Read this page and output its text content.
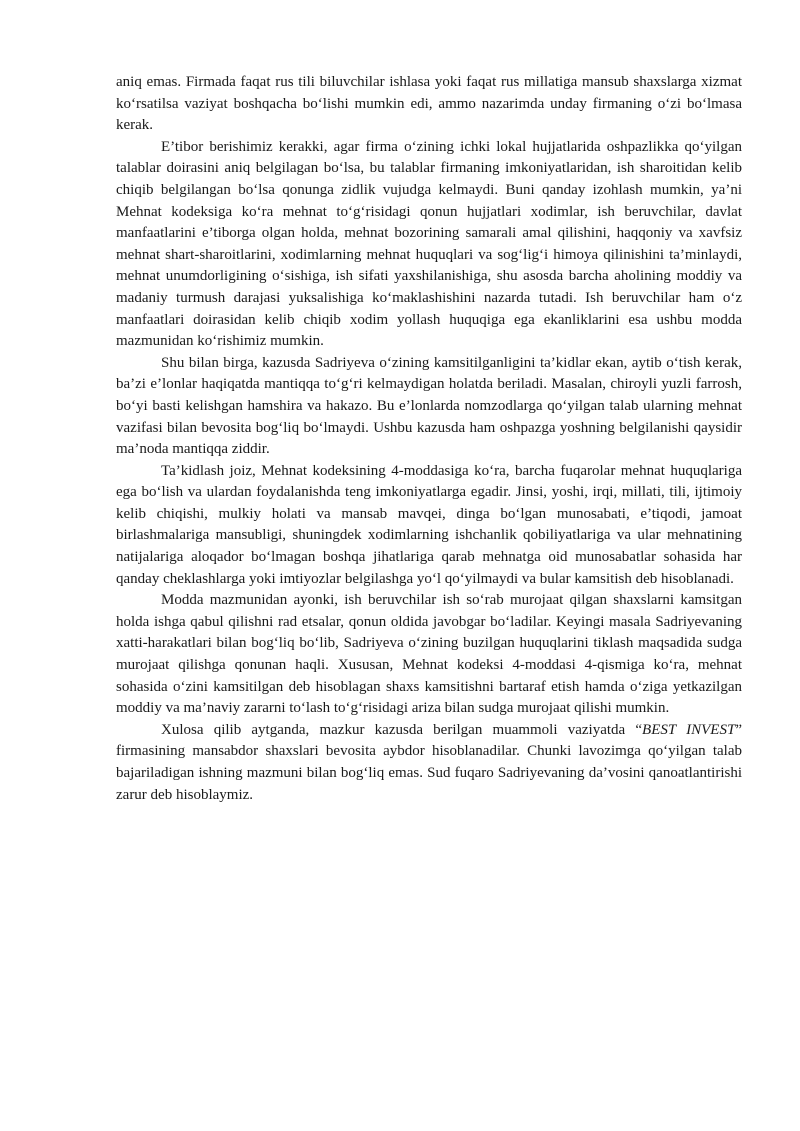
aniq emas. Firmada faqat rus tili biluvchilar ishlasa yoki faqat rus millatiga mansub shaxslarga xizmat ko‘rsatilsa vaziyat boshqacha bo‘lishi mumkin edi, ammo nazarimda unday firmaning o‘zi bo‘lmasa kerak.

E’tibor berishimiz kerakki, agar firma o‘zining ichki lokal hujjatlarida oshpazlikka qo‘yilgan talablar doirasini aniq belgilagan bo‘lsa, bu talablar firmaning imkoniyatlaridan, ish sharoitidan kelib chiqib belgilangan bo‘lsa qonunga zidlik vujudga kelmaydi. Buni qanday izohlash mumkin, ya’ni Mehnat kodeksiga ko‘ra mehnat to‘g‘risidagi qonun hujjatlari xodimlar, ish beruvchilar, davlat manfaatlarini e’tiborga olgan holda, mehnat bozorining samarali amal qilishini, haqqoniy va xavfsiz mehnat shart-sharoitlarini, xodimlarning mehnat huquqlari va sog‘lig‘i himoya qilinishini ta’minlaydi, mehnat unumdorligining o‘sishiga, ish sifati yaxshilanishiga, shu asosda barcha aholining moddiy va madaniy turmush darajasi yuksalishiga ko‘maklashishini nazarda tutadi. Ish beruvchilar ham o‘z manfaatlari doirasidan kelib chiqib xodim yollash huquqiga ega ekanliklarini esa ushbu modda mazmunidan ko‘rishimiz mumkin.

Shu bilan birga, kazusda Sadriyeva o‘zining kamsitilganligini ta’kidlar ekan, aytib o‘tish kerak, ba’zi e’lonlar haqiqatda mantiqqa to‘g‘ri kelmaydigan holatda beriladi. Masalan, chiroyli yuzli farrosh, bo‘yi basti kelishgan hamshira va hakazo. Bu e’lonlarda nomzodlarga qo‘yilgan talab ularning mehnat vazifasi bilan bevosita bog‘liq bo‘lmaydi. Ushbu kazusda ham oshpazga yoshning belgilanishi qaysidir ma’noda mantiqqa ziddir.

Ta’kidlash joiz, Mehnat kodeksining 4-moddasiga ko‘ra, barcha fuqarolar mehnat huquqlariga ega bo‘lish va ulardan foydalanishda teng imkoniyatlarga egadir. Jinsi, yoshi, irqi, millati, tili, ijtimoiy kelib chiqishi, mulkiy holati va mansab mavqei, dinga bo‘lgan munosabati, e’tiqodi, jamoat birlashmalariga mansubligi, shuningdek xodimlarning ishchanlik qobiliyatlariga va ular mehnatining natijalariga aloqador bo‘lmagan boshqa jihatlariga qarab mehnatga oid munosabatlar sohasida har qanday cheklashlarga yoki imtiyozlar belgilashga yo‘l qo‘yilmaydi va bular kamsitish deb hisoblanadi.

Modda mazmunidan ayonki, ish beruvchilar ish so‘rab murojaat qilgan shaxslarni kamsitgan holda ishga qabul qilishni rad etsalar, qonun oldida javobgar bo‘ladilar. Keyingi masala Sadriyevaning xatti-harakatlari bilan bog‘liq bo‘lib, Sadriyeva o‘zining buzilgan huquqlarini tiklash maqsadida sudga murojaat qilishga qonunan haqli. Xususan, Mehnat kodeksi 4-moddasi 4-qismiga ko‘ra, mehnat sohasida o‘zini kamsitilgan deb hisoblagan shaxs kamsitishni bartaraf etish hamda o‘ziga yetkazilgan moddiy va ma’naviy zararni to‘lash to‘g‘risidagi ariza bilan sudga murojaat qilishi mumkin.

Xulosa qilib aytganda, mazkur kazusda berilgan muammoli vaziyatda “BEST INVEST” firmasining mansabdor shaxslari bevosita aybdor hisoblanadilar. Chunki lavozimga qo‘yilgan talab bajariladigan ishning mazmuni bilan bog‘liq emas. Sud fuqaro Sadriyevaning da’vosini qanoatlantirishi zarur deb hisoblaymiz.
